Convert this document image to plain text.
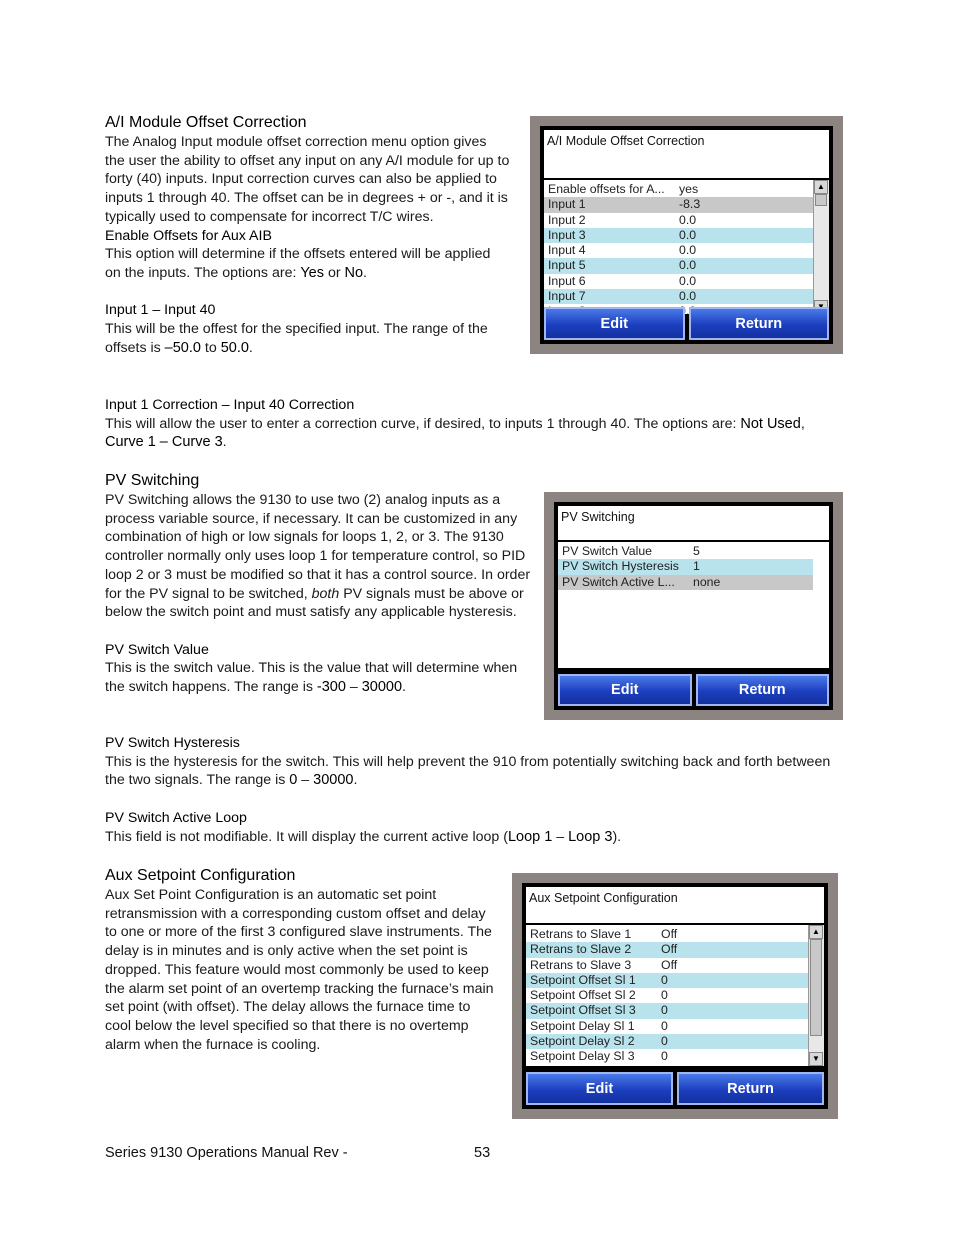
A/I Module Offset Correction

The Analog Input module offset correction menu option gives the user the ability to offset any input on any A/I module for up to forty (40) inputs. Input correction curves can also be applied to inputs 1 through 40. The offset can be in degrees + or -, and it is typically used to compensate for incorrect T/C wires.

Enable Offsets for Aux AIB

This option will determine if the offsets entered will be applied on the inputs. The options are: Yes or No.

Input 1 – Input 40

This will be the offest for the specified input. The range of the offsets is –50.0 to 50.0.

Input 1 Correction – Input 40 Correction

This will allow the user to enter a correction curve, if desired, to inputs 1 through 40. The options are: Not Used, Curve 1 – Curve 3.

A/I Module Offset Correction
Enable offsets for A...	yes
Input 1	-8.3
Input 2	0.0
Input 3	0.0
Input 4	0.0
Input 5	0.0
Input 6	0.0
Input 7	0.0
▲
Edit	Return
PV Switching

PV Switching allows the 9130 to use two (2) analog inputs as a process variable source, if necessary. It can be customized in any combination of high or low signals for loops 1, 2, or 3. The 9130 controller normally only uses loop 1 for temperature control, so PID loop 2 or 3 must be modified so that it has a control source. In order for the PV signal to be switched, both PV signals must be above or below the switch point and must satisfy any applicable hysteresis.

PV Switch Value

This is the switch value. This is the value that will determine when the switch happens. The range is -300 – 30000.

PV Switch Hysteresis

This is the hysteresis for the switch. This will help prevent the 910 from potentially switching back and forth between the two signals. The range is 0 – 30000.

PV Switch Active Loop

This field is not modifiable. It will display the current active loop (Loop 1 – Loop 3).

PV Switching
PV Switch Value	5
PV Switch Hysteresis	1
PV Switch Active L...	none
Edit	Return
Aux Setpoint Configuration

Aux Set Point Configuration is an automatic set point retransmission with a corresponding custom offset and delay to one or more of the first 3 configured slave instruments. The delay is in minutes and is only active when the set point is dropped. This feature would most commonly be used to keep the alarm set point of an overtemp tracking the furnace’s main set point (with offset). The delay allows the furnace time to cool below the level specified so that there is no overtemp alarm when the furnace is cooling.

Aux Setpoint Configuration
Retrans to Slave 1	Off
Retrans to Slave 2	Off
Retrans to Slave 3	Off
Setpoint Offset Sl 1	0
Setpoint Offset Sl 2	0
Setpoint Offset Sl 3	0
Setpoint Delay Sl 1	0
Setpoint Delay Sl 2	0
Setpoint Delay Sl 3	0
▲
▼
Edit	Return
Series 9130 Operations Manual Rev -	53
